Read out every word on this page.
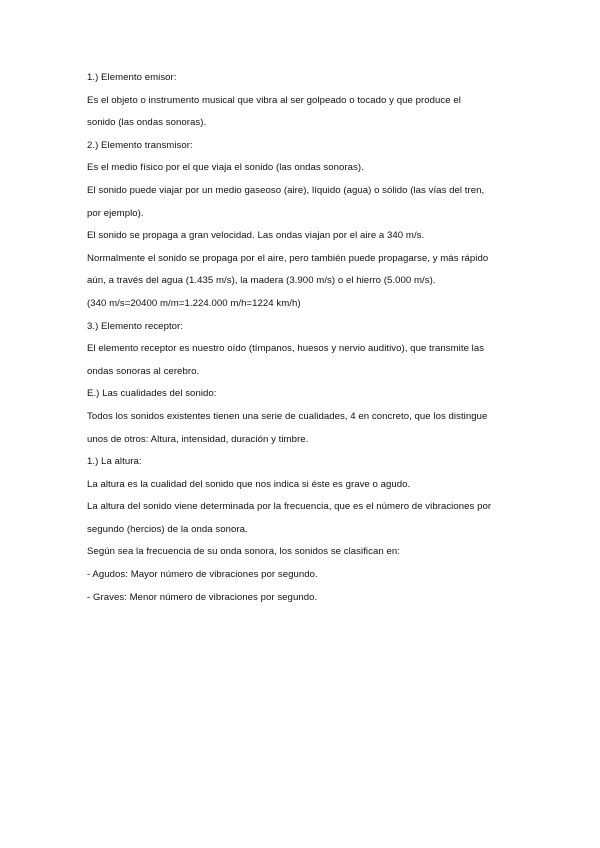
1.) Elemento emisor:
Es el objeto o instrumento musical que vibra al ser golpeado o tocado y que produce el
sonido (las ondas sonoras).
2.) Elemento transmisor:
Es el medio físico por el que viaja el sonido (las ondas sonoras).
El sonido puede viajar por un medio gaseoso (aire), líquido (agua) o sólido (las vías del tren,
por ejemplo).
El sonido se propaga a gran velocidad. Las ondas viajan por el aire a 340 m/s.
Normalmente el sonido se propaga por el aire, pero también puede propagarse, y más rápido
aún, a través del agua (1.435 m/s), la madera (3.900 m/s) o el hierro (5.000 m/s).
(340 m/s=20400 m/m=1.224.000 m/h=1224 km/h)
3.) Elemento receptor:
El elemento receptor es nuestro oído (tímpanos, huesos y nervio auditivo), que transmite las
ondas sonoras al cerebro.
E.) Las cualidades del sonido:
Todos los sonidos existentes tienen una serie de cualidades, 4 en concreto, que los distingue
unos de otros: Altura, intensidad, duración y timbre.
1.) La altura:
La altura es la cualidad del sonido que nos indica si éste es grave o agudo.
La altura del sonido viene determinada por la frecuencia, que es el número de vibraciones por
segundo (hercios) de la onda sonora.
Según sea la frecuencia de su onda sonora, los sonidos se clasifican en:
- Agudos: Mayor número de vibraciones por segundo.
- Graves: Menor número de vibraciones por segundo.
